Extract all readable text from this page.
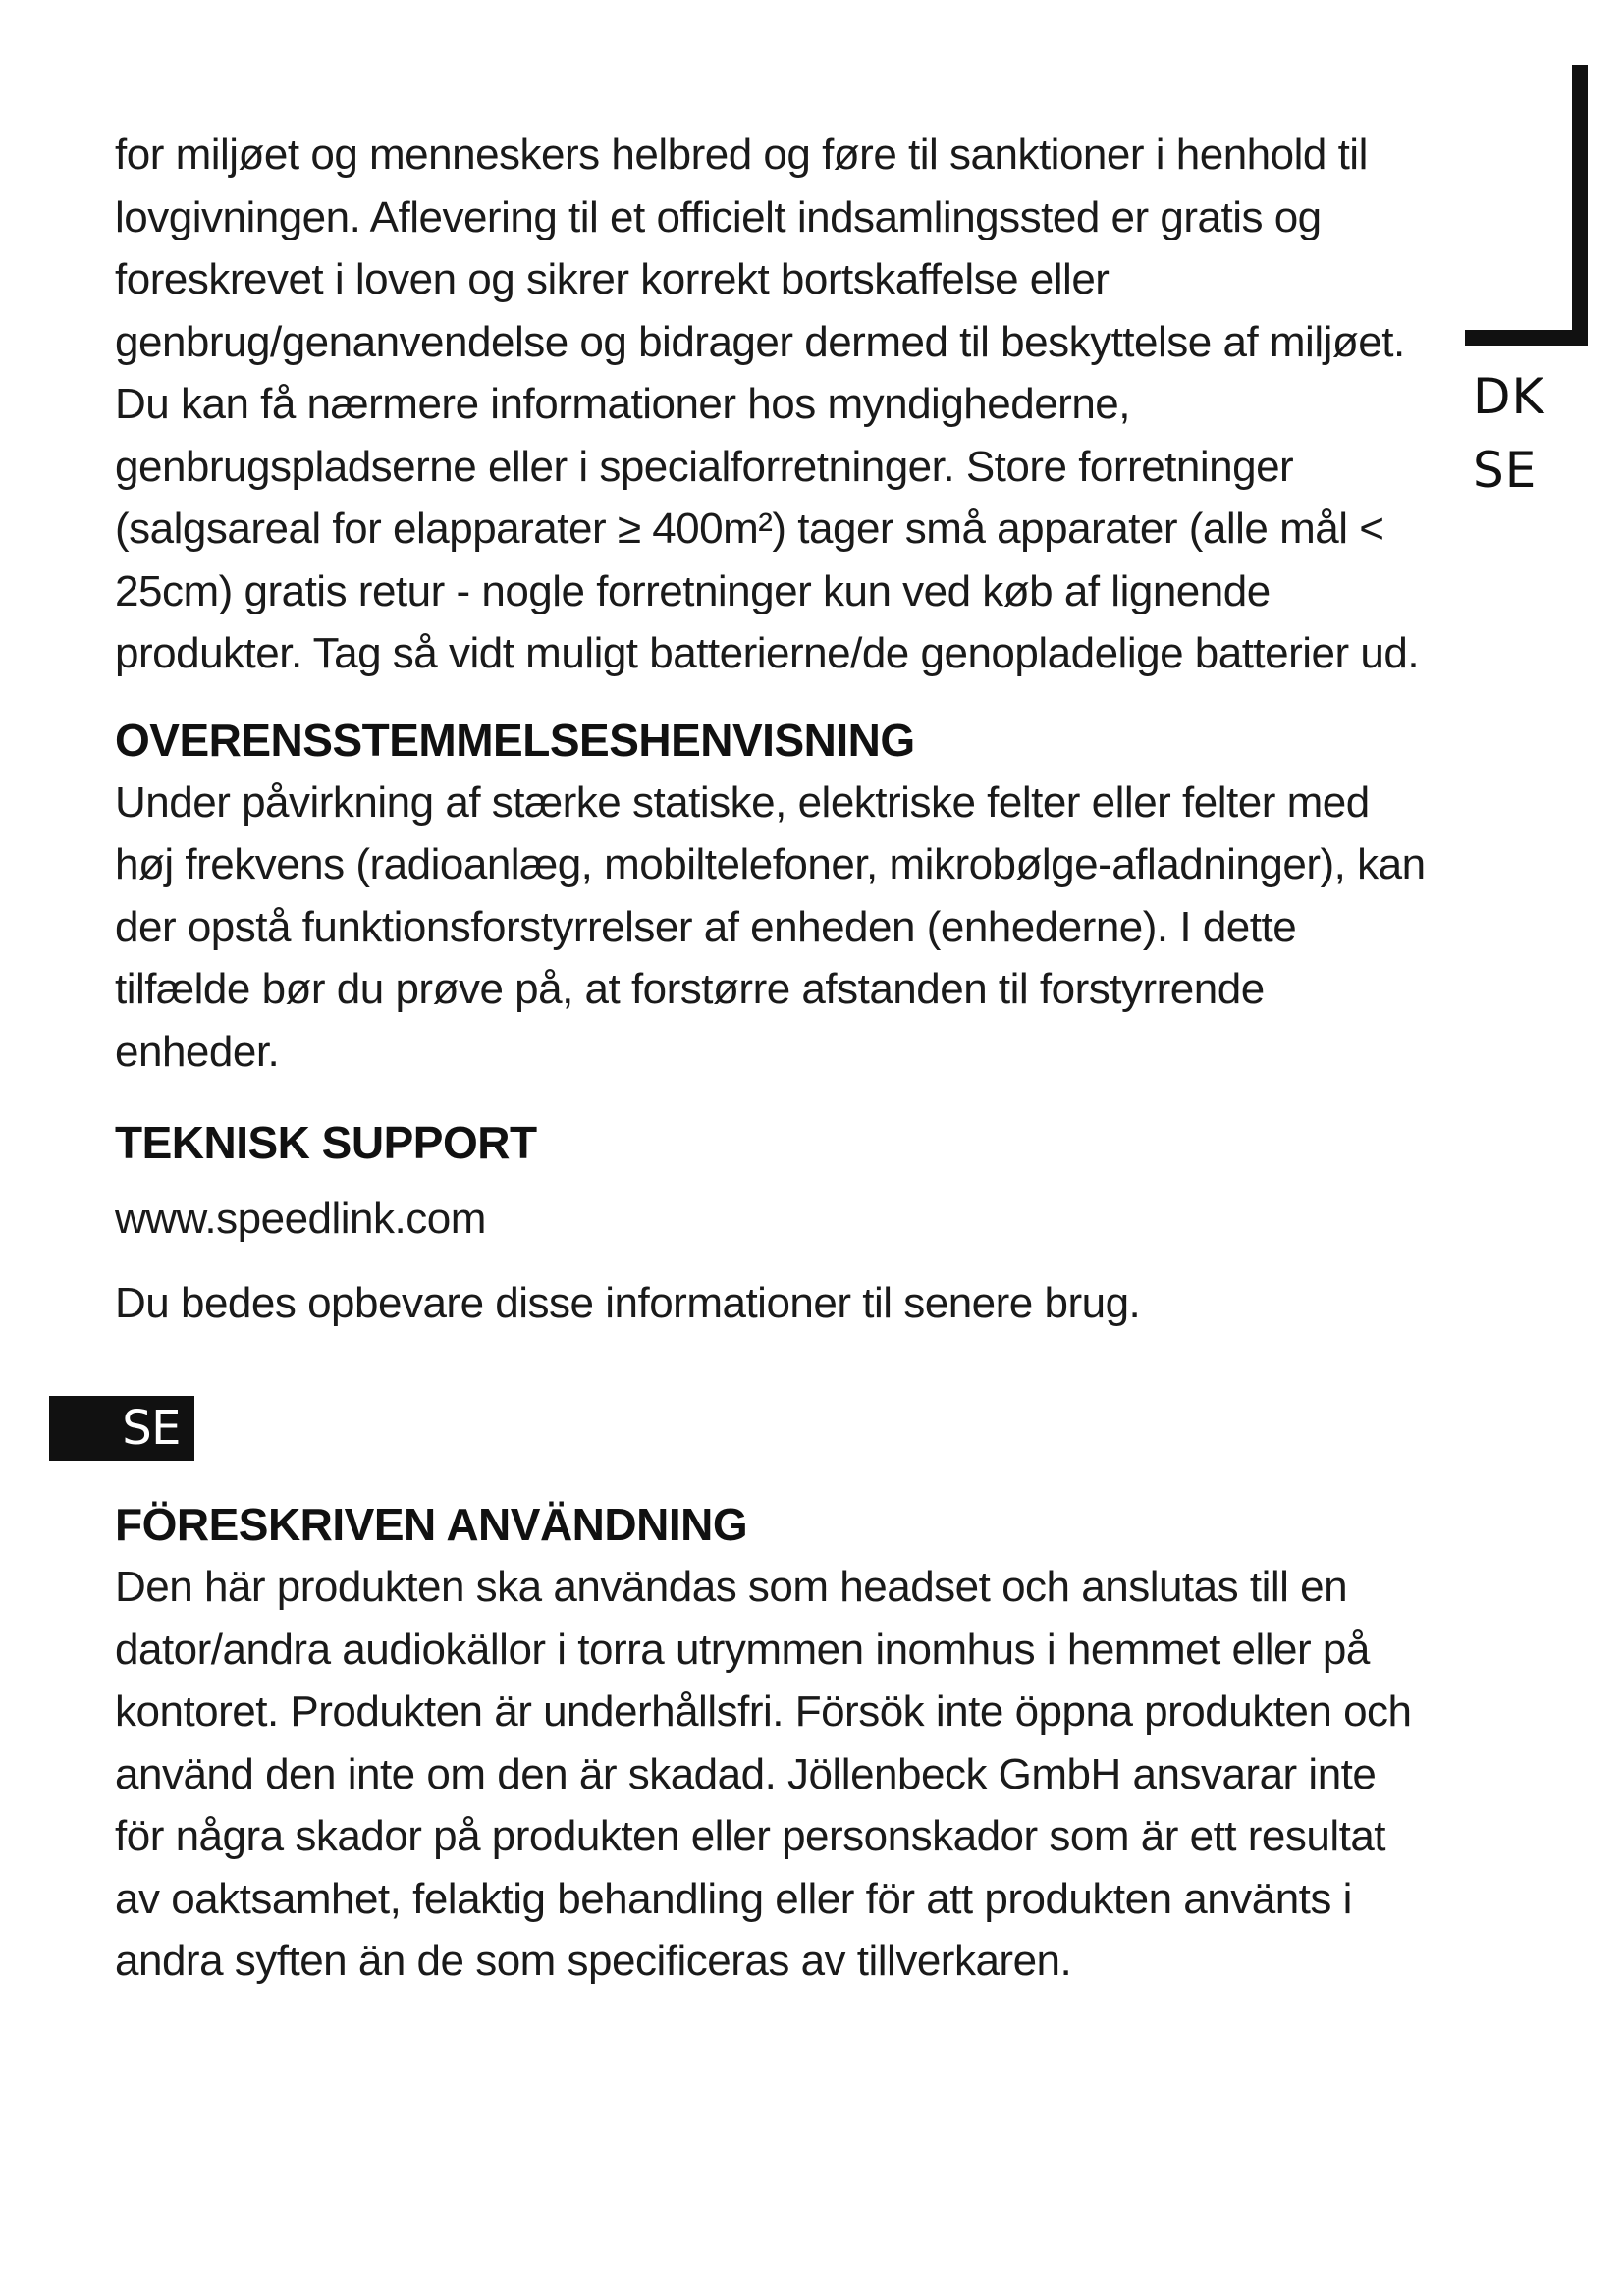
DK
SE

for miljøet og menneskers helbred og føre til sanktioner i henhold til lovgivningen. Aflevering til et officielt indsamlingssted er gratis og foreskrevet i loven og sikrer korrekt bortskaffelse eller genbrug/genanvendelse og bidrager dermed til beskyttelse af miljøet. Du kan få nærmere informationer hos myndighederne, genbrugspladserne eller i specialforretninger. Store forretninger (salgsareal for elapparater ≥ 400m²) tager små apparater (alle mål < 25cm) gratis retur - nogle forretninger kun ved køb af lignende produkter. Tag så vidt muligt batterierne/de genopladelige batterier ud.

OVERENSSTEMMELSESHENVISNING

Under påvirkning af stærke statiske, elektriske felter eller felter med høj frekvens (radioanlæg, mobiltelefoner, mikrobølge-afladninger), kan der opstå funktionsforstyrrelser af enheden (enhederne). I dette tilfælde bør du prøve på, at forstørre afstanden til forstyrrende enheder.

TEKNISK SUPPORT

www.speedlink.com

Du bedes opbevare disse informationer til senere brug.

SE

FÖRESKRIVEN ANVÄNDNING

Den här produkten ska användas som headset och anslutas till en dator/andra audiokällor i torra utrymmen inomhus i hemmet eller på kontoret. Produkten är underhållsfri. Försök inte öppna produkten och använd den inte om den är skadad. Jöllenbeck GmbH ansvarar inte för några skador på produkten eller personskador som är ett resultat av oaktsamhet, felaktig behandling eller för att produkten använts i andra syften än de som specificeras av tillverkaren.
